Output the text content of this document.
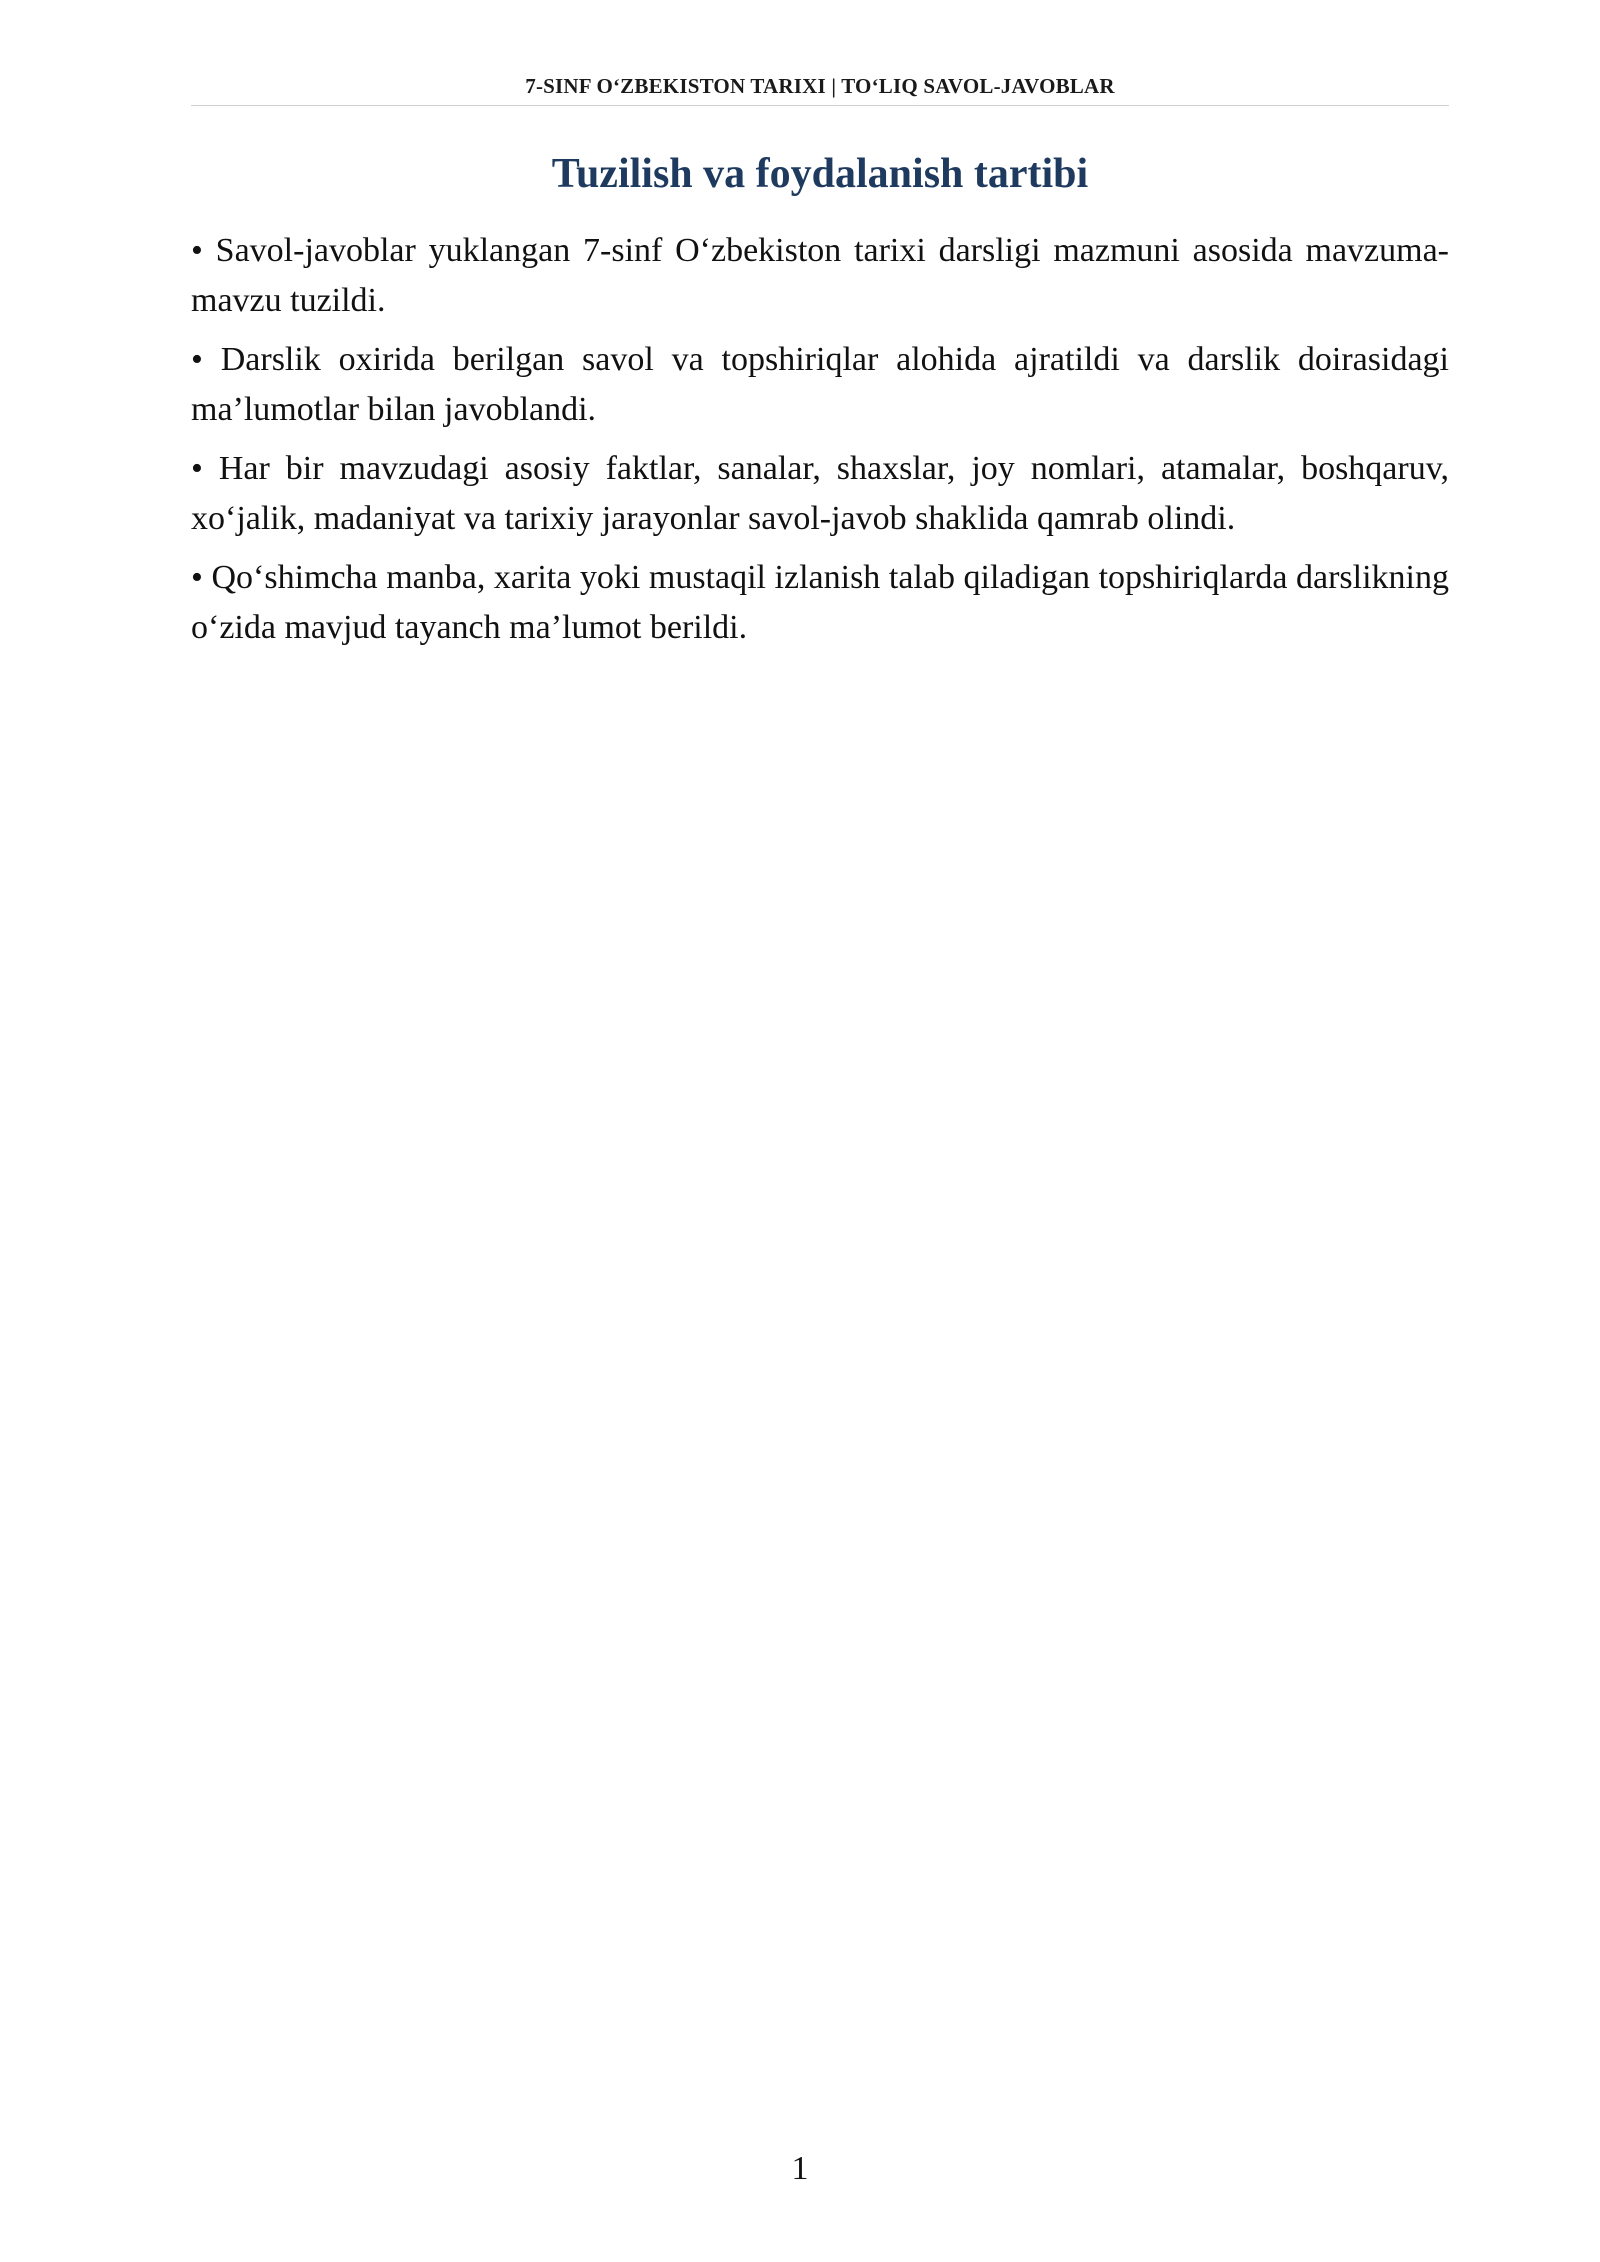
7-SINF O‘ZBEKISTON TARIXI | TO‘LIQ SAVOL-JAVOBLAR
Tuzilish va foydalanish tartibi

• Savol-javoblar yuklangan 7-sinf O‘zbekiston tarixi darsligi mazmuni asosida mavzuma-mavzu tuzildi.

• Darslik oxirida berilgan savol va topshiriqlar alohida ajratildi va darslik doirasidagi ma’lumotlar bilan javoblandi.

• Har bir mavzudagi asosiy faktlar, sanalar, shaxslar, joy nomlari, atamalar, boshqaruv, xo‘jalik, madaniyat va tarixiy jarayonlar savol-javob shaklida qamrab olindi.

• Qo‘shimcha manba, xarita yoki mustaqil izlanish talab qiladigan topshiriqlarda darslikning o‘zida mavjud tayanch ma’lumot berildi.

1
